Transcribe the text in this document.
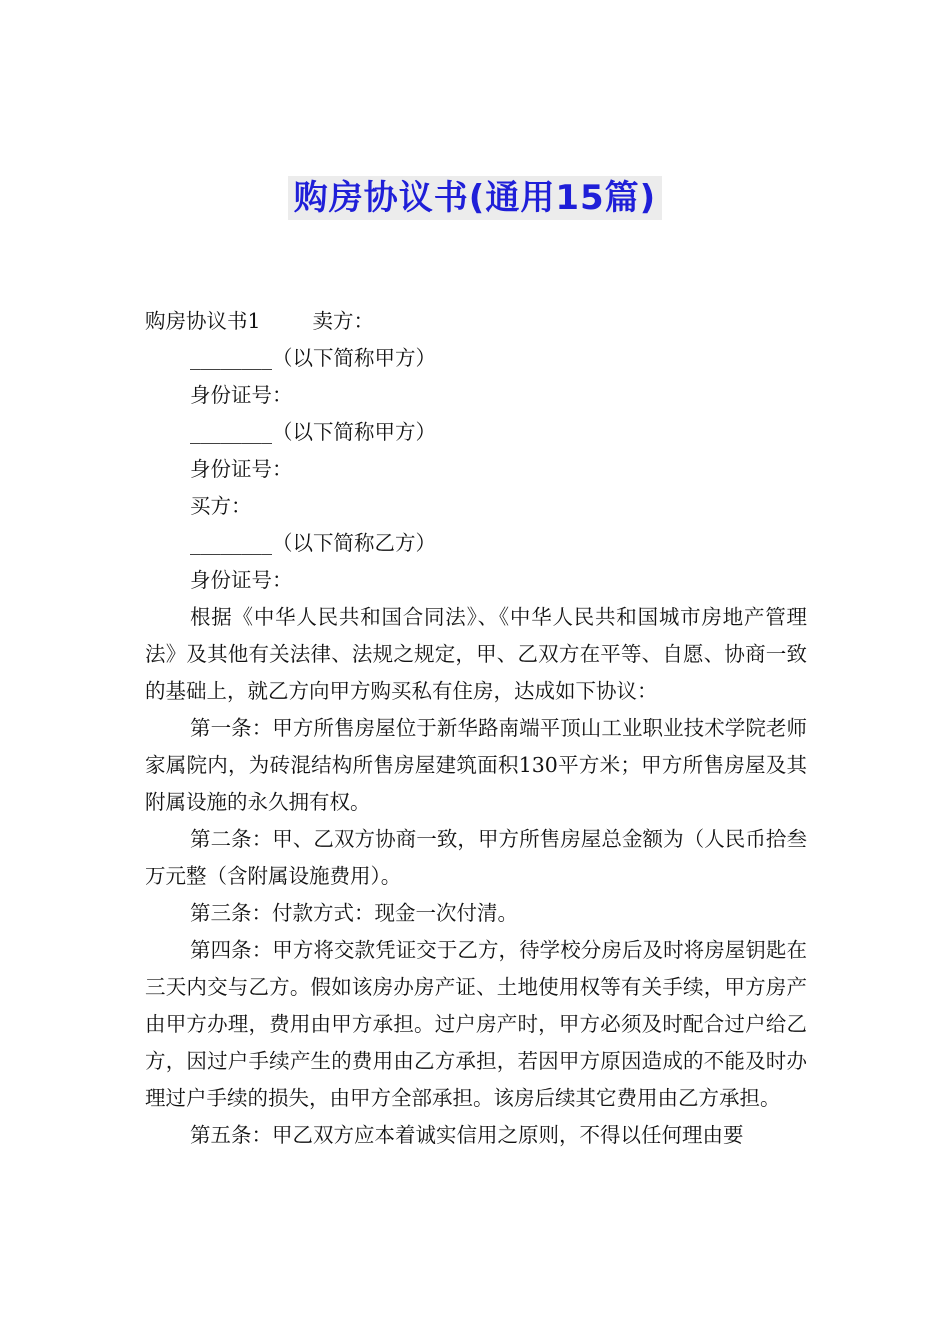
购房协议书(通用15篇)

购房协议书1	卖方：

________（以下简称甲方）

身份证号：

________（以下简称甲方）

身份证号：

买方：

________（以下简称乙方）

身份证号：

根据《中华人民共和国合同法》、《中华人民共和国城市房地产管理法》及其他有关法律、法规之规定，甲、乙双方在平等、自愿、协商一致的基础上，就乙方向甲方购买私有住房，达成如下协议：

第一条：甲方所售房屋位于新华路南端平顶山工业职业技术学院老师家属院内，为砖混结构所售房屋建筑面积130平方米；甲方所售房屋及其附属设施的永久拥有权。

第二条：甲、乙双方协商一致，甲方所售房屋总金额为（人民币拾叁万元整（含附属设施费用）。

第三条：付款方式：现金一次付清。

第四条：甲方将交款凭证交于乙方，待学校分房后及时将房屋钥匙在三天内交与乙方。假如该房办房产证、土地使用权等有关手续，甲方房产由甲方办理，费用由甲方承担。过户房产时，甲方必须及时配合过户给乙方，因过户手续产生的费用由乙方承担，若因甲方原因造成的不能及时办理过户手续的损失，由甲方全部承担。该房后续其它费用由乙方承担。

第五条：甲乙双方应本着诚实信用之原则，不得以任何理由要
